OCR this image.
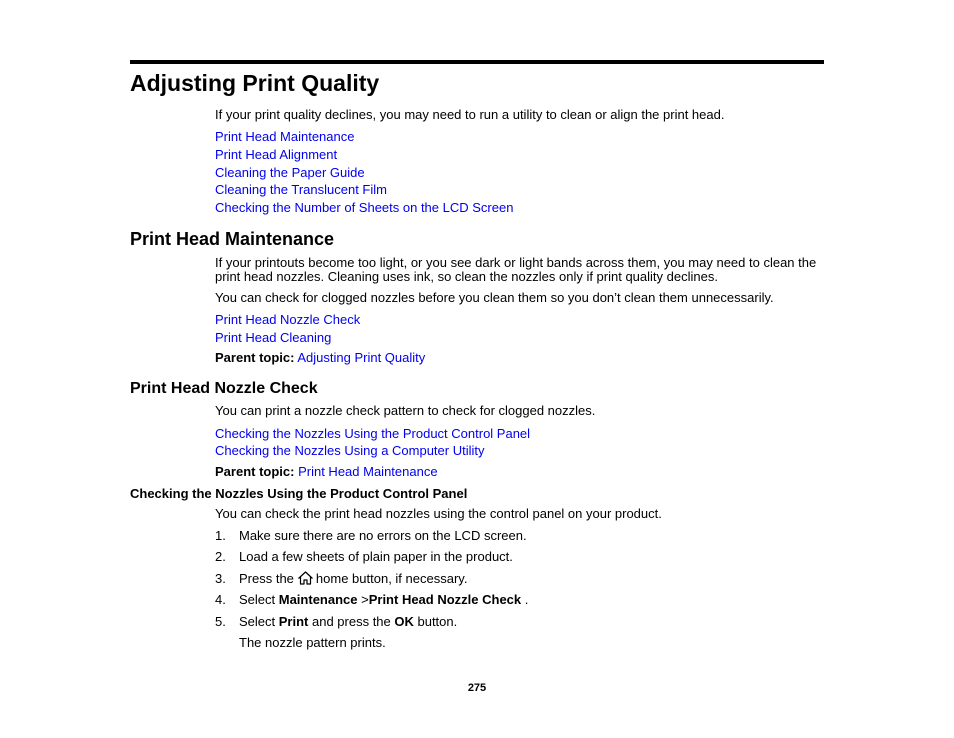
Adjusting Print Quality
If your print quality declines, you may need to run a utility to clean or align the print head.
Print Head Maintenance
Print Head Alignment
Cleaning the Paper Guide
Cleaning the Translucent Film
Checking the Number of Sheets on the LCD Screen
Print Head Maintenance
If your printouts become too light, or you see dark or light bands across them, you may need to clean the
print head nozzles. Cleaning uses ink, so clean the nozzles only if print quality declines.
You can check for clogged nozzles before you clean them so you don’t clean them unnecessarily.
Print Head Nozzle Check
Print Head Cleaning
Parent topic: Adjusting Print Quality
Print Head Nozzle Check
You can print a nozzle check pattern to check for clogged nozzles.
Checking the Nozzles Using the Product Control Panel
Checking the Nozzles Using a Computer Utility
Parent topic: Print Head Maintenance
Checking the Nozzles Using the Product Control Panel
You can check the print head nozzles using the control panel on your product.
1. Make sure there are no errors on the LCD screen.
2. Load a few sheets of plain paper in the product.
3. Press the home button, if necessary.
4. Select Maintenance >Print Head Nozzle Check .
5. Select Print and press the OK button.
The nozzle pattern prints.
275
